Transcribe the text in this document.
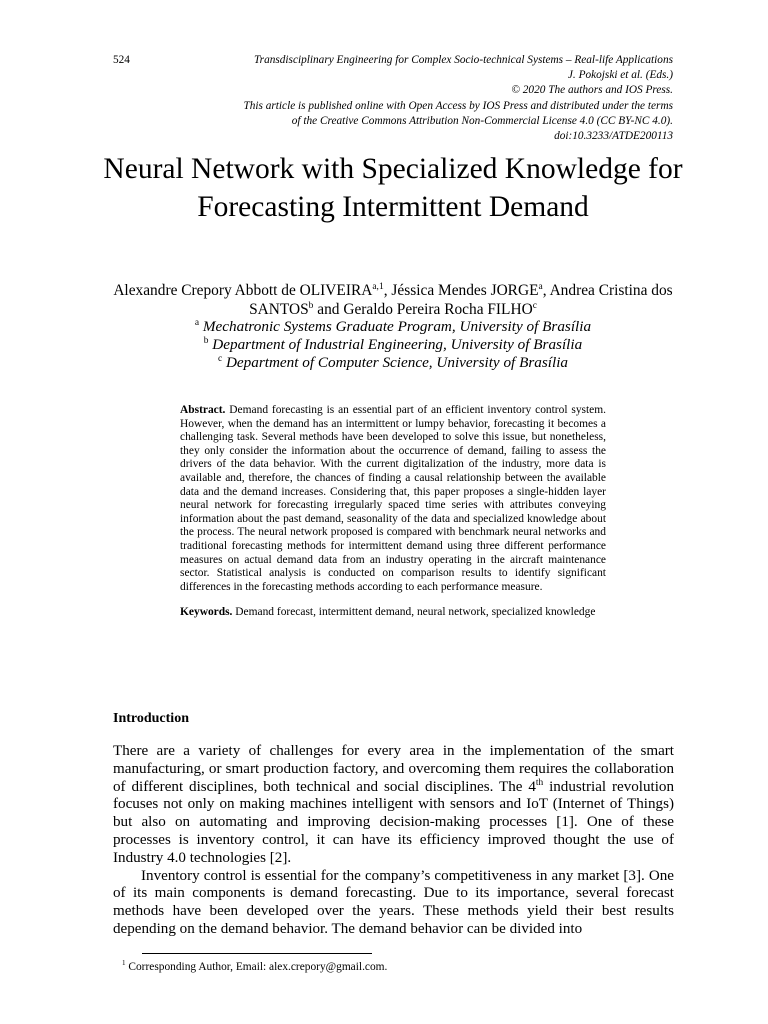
524	Transdisciplinary Engineering for Complex Socio-technical Systems – Real-life Applications
J. Pokojski et al. (Eds.)
© 2020 The authors and IOS Press.
This article is published online with Open Access by IOS Press and distributed under the terms
of the Creative Commons Attribution Non-Commercial License 4.0 (CC BY-NC 4.0).
doi:10.3233/ATDE200113
Neural Network with Specialized Knowledge for Forecasting Intermittent Demand
Alexandre Crepory Abbott de OLIVEIRA$^{a,1}$, Jéssica Mendes JORGE$^a$, Andrea Cristina dos SANTOS$^b$ and Geraldo Pereira Rocha FILHO$^c$
$^a$ Mechatronic Systems Graduate Program, University of Brasília
$^b$ Department of Industrial Engineering, University of Brasília
$^c$ Department of Computer Science, University of Brasília

Abstract. Demand forecasting is an essential part of an efficient inventory control system. However, when the demand has an intermittent or lumpy behavior, forecasting it becomes a challenging task. Several methods have been developed to solve this issue, but nonetheless, they only consider the information about the occurrence of demand, failing to assess the drivers of the data behavior. With the current digitalization of the industry, more data is available and, therefore, the chances of finding a causal relationship between the available data and the demand increases. Considering that, this paper proposes a single-hidden layer neural network for forecasting irregularly spaced time series with attributes conveying information about the past demand, seasonality of the data and specialized knowledge about the process. The neural network proposed is compared with benchmark neural networks and traditional forecasting methods for intermittent demand using three different performance measures on actual demand data from an industry operating in the aircraft maintenance sector. Statistical analysis is conducted on comparison results to identify significant differences in the forecasting methods according to each performance measure.

Keywords. Demand forecast, intermittent demand, neural network, specialized knowledge

Introduction

There are a variety of challenges for every area in the implementation of the smart manufacturing, or smart production factory, and overcoming them requires the collaboration of different disciplines, both technical and social disciplines. The 4th industrial revolution focuses not only on making machines intelligent with sensors and IoT (Internet of Things) but also on automating and improving decision-making processes [1]. One of these processes is inventory control, it can have its efficiency improved thought the use of Industry 4.0 technologies [2].

Inventory control is essential for the company’s competitiveness in any market [3]. One of its main components is demand forecasting. Due to its importance, several forecast methods have been developed over the years. These methods yield their best results depending on the demand behavior. The demand behavior can be divided into

$^1$ Corresponding Author, Email: alex.crepory@gmail.com.
